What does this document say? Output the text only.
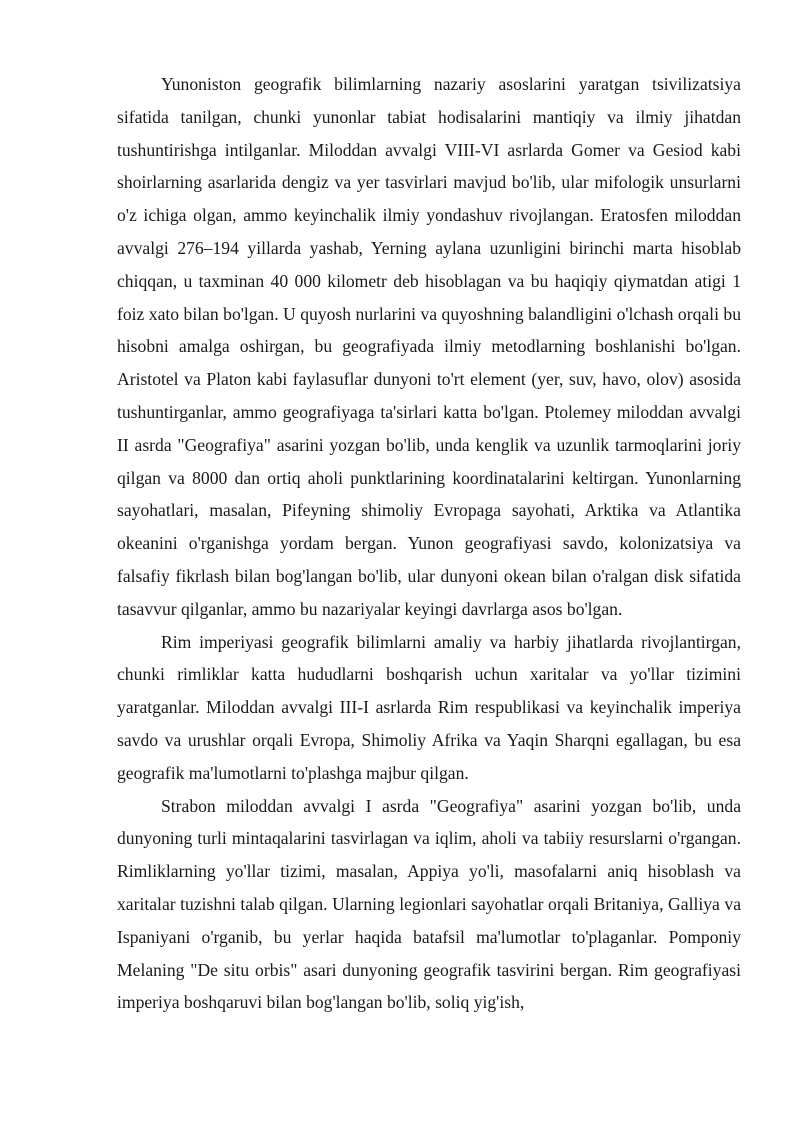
Yunoniston geografik bilimlarning nazariy asoslarini yaratgan tsivilizatsiya sifatida tanilgan, chunki yunonlar tabiat hodisalarini mantiqiy va ilmiy jihatdan tushuntirishga intilganlar. Miloddan avvalgi VIII-VI asrlarda Gomer va Gesiod kabi shoirlarning asarlarida dengiz va yer tasvirlari mavjud bo'lib, ular mifologik unsurlarni o'z ichiga olgan, ammo keyinchalik ilmiy yondashuv rivojlangan. Eratosfen miloddan avvalgi 276–194 yillarda yashab, Yerning aylana uzunligini birinchi marta hisoblab chiqqan, u taxminan 40 000 kilometr deb hisoblagan va bu haqiqiy qiymatdan atigi 1 foiz xato bilan bo'lgan. U quyosh nurlarini va quyoshning balandligini o'lchash orqali bu hisobni amalga oshirgan, bu geografiyada ilmiy metodlarning boshlanishi bo'lgan. Aristotel va Platon kabi faylasuflar dunyoni to'rt element (yer, suv, havo, olov) asosida tushuntirganlar, ammo geografiyaga ta'sirlari katta bo'lgan. Ptolemey miloddan avvalgi II asrda "Geografiya" asarini yozgan bo'lib, unda kenglik va uzunlik tarmoqlarini joriy qilgan va 8000 dan ortiq aholi punktlarining koordinatalarini keltirgan. Yunonlarning sayohatlari, masalan, Pifeyning shimoliy Evropaga sayohati, Arktika va Atlantika okeanini o'rganishga yordam bergan. Yunon geografiyasi savdo, kolonizatsiya va falsafiy fikrlash bilan bog'langan bo'lib, ular dunyoni okean bilan o'ralgan disk sifatida tasavvur qilganlar, ammo bu nazariyalar keyingi davrlarga asos bo'lgan.

Rim imperiyasi geografik bilimlarni amaliy va harbiy jihatlarda rivojlantirgan, chunki rimliklar katta hududlarni boshqarish uchun xaritalar va yo'llar tizimini yaratganlar. Miloddan avvalgi III-I asrlarda Rim respublikasi va keyinchalik imperiya savdo va urushlar orqali Evropa, Shimoliy Afrika va Yaqin Sharqni egallagan, bu esa geografik ma'lumotlarni to'plashga majbur qilgan.

Strabon miloddan avvalgi I asrda "Geografiya" asarini yozgan bo'lib, unda dunyoning turli mintaqalarini tasvirlagan va iqlim, aholi va tabiiy resurslarni o'rgangan. Rimliklarning yo'llar tizimi, masalan, Appiya yo'li, masofalarni aniq hisoblash va xaritalar tuzishni talab qilgan. Ularning legionlari sayohatlar orqali Britaniya, Galliya va Ispaniyani o'rganib, bu yerlar haqida batafsil ma'lumotlar to'plaganlar. Pomponiy Melaning "De situ orbis" asari dunyoning geografik tasvirini bergan. Rim geografiyasi imperiya boshqaruvi bilan bog'langan bo'lib, soliq yig'ish,
